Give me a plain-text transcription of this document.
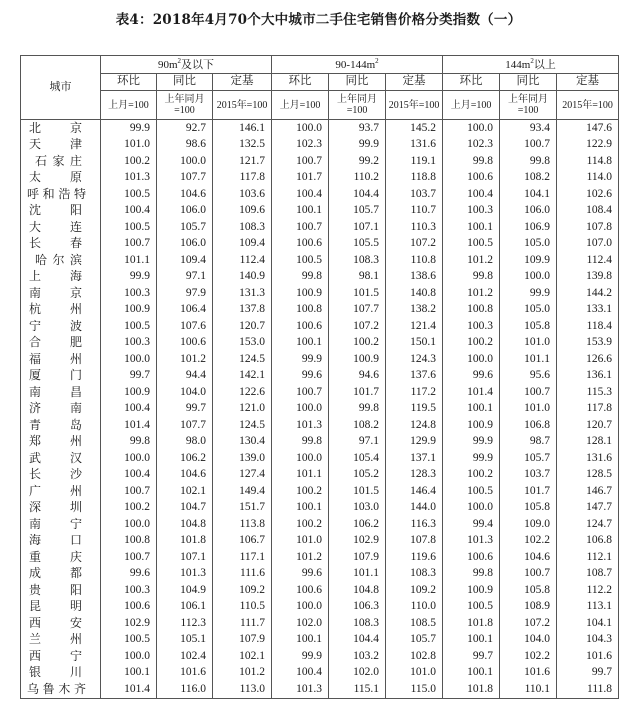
表4：2018年4月70个大中城市二手住宅销售价格分类指数（一）
城市	$90m^2$及以下			$90-144m^2$			$144m^2$以上		
	环比	同比	定基	环比	同比	定基	环比	同比	定基
	上月=100	上年同月=100	2015年=100	上月=100	上年同月=100	2015年=100	上月=100	上年同月=100	2015年=100
北京	99.9	92.7	146.1	100.0	93.7	145.2	100.0	93.4	147.6
天津	101.0	98.6	132.5	102.3	99.9	131.6	102.3	100.7	122.9
石家庄	100.2	100.0	121.7	100.7	99.2	119.1	99.8	99.8	114.8
太原	101.3	107.7	117.8	101.7	110.2	118.8	100.6	108.2	114.0
呼和浩特	100.5	104.6	103.6	100.4	104.4	103.7	100.4	104.1	102.6
沈阳	100.4	106.0	109.6	100.1	105.7	110.7	100.3	106.0	108.4
大连	100.5	105.7	108.3	100.7	107.1	110.3	100.1	106.9	107.8
长春	100.7	106.0	109.4	100.6	105.5	107.2	100.5	105.0	107.0
哈尔滨	101.1	109.4	112.4	100.5	108.3	110.8	101.2	109.9	112.4
上海	99.9	97.1	140.9	99.8	98.1	138.6	99.8	100.0	139.8
南京	100.3	97.9	131.3	100.9	101.5	140.8	101.2	99.9	144.2
杭州	100.9	106.4	137.8	100.8	107.7	138.2	100.8	105.0	133.1
宁波	100.5	107.6	120.7	100.6	107.2	121.4	100.3	105.8	118.4
合肥	100.3	100.6	153.0	100.1	100.2	150.1	100.2	101.0	153.9
福州	100.0	101.2	124.5	99.9	100.9	124.3	100.0	101.1	126.6
厦门	99.7	94.4	142.1	99.6	94.6	137.6	99.6	95.6	136.1
南昌	100.9	104.0	122.6	100.7	101.7	117.2	101.4	100.7	115.3
济南	100.4	99.7	121.0	100.0	99.8	119.5	100.1	101.0	117.8
青岛	101.4	107.7	124.5	101.3	108.2	124.8	100.9	106.8	120.7
郑州	99.8	98.0	130.4	99.8	97.1	129.9	99.9	98.7	128.1
武汉	100.0	106.2	139.0	100.0	105.4	137.1	99.9	105.7	131.6
长沙	100.4	104.6	127.4	101.1	105.2	128.3	100.2	103.7	128.5
广州	100.7	102.1	149.4	100.2	101.5	146.4	100.5	101.7	146.7
深圳	100.2	104.7	151.7	100.1	103.0	144.0	100.0	105.8	147.7
南宁	100.0	104.8	113.8	100.2	106.2	116.3	99.4	109.0	124.7
海口	100.8	101.8	106.7	101.0	102.9	107.8	101.3	102.2	106.8
重庆	100.7	107.1	117.1	101.2	107.9	119.6	100.6	104.6	112.1
成都	99.6	101.3	111.6	99.6	101.1	108.3	99.8	100.7	108.7
贵阳	100.3	104.9	109.2	100.6	104.8	109.2	100.9	105.8	112.2
昆明	100.6	106.1	110.5	100.0	106.3	110.0	100.5	108.9	113.1
西安	102.9	112.3	111.7	102.0	108.3	108.5	101.8	107.2	104.1
兰州	100.5	105.1	107.9	100.1	104.4	105.7	100.1	104.0	104.3
西宁	100.0	102.4	102.1	99.9	103.2	102.8	99.7	102.2	101.6
银川	100.1	101.6	101.2	100.4	102.0	101.0	100.1	101.6	99.7
乌鲁木齐	101.4	116.0	113.0	101.3	115.1	115.0	101.8	110.1	111.8
